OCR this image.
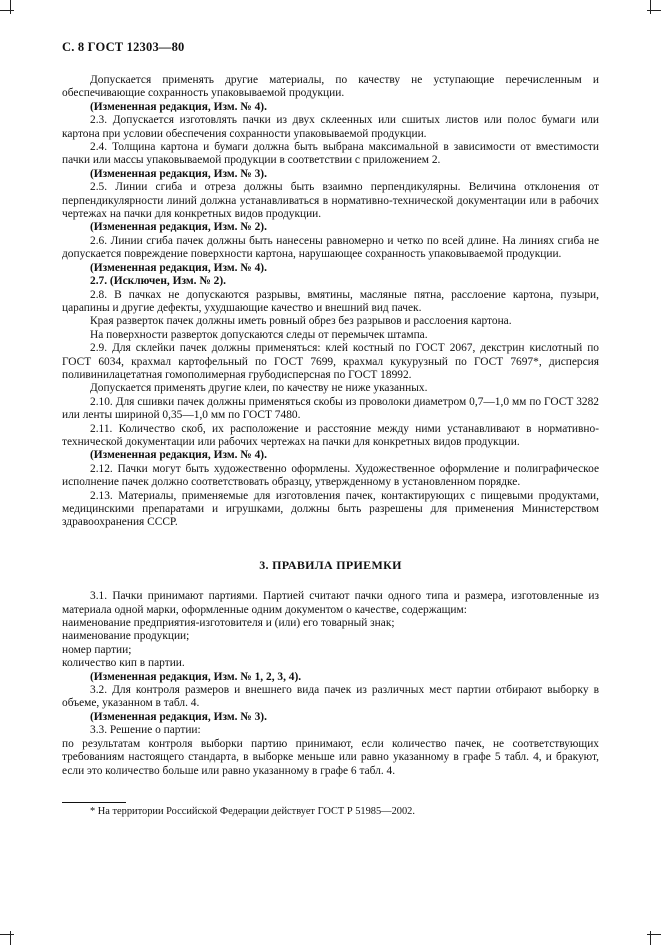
С. 8 ГОСТ 12303—80

Допускается применять другие материалы, по качеству не уступающие перечисленным и обеспечивающие сохранность упаковываемой продукции.

(Измененная редакция, Изм. № 4).

2.3. Допускается изготовлять пачки из двух склеенных или сшитых листов или полос бумаги или картона при условии обеспечения сохранности упаковываемой продукции.

2.4. Толщина картона и бумаги должна быть выбрана максимальной в зависимости от вместимости пачки или массы упаковываемой продукции в соответствии с приложением 2.

(Измененная редакция, Изм. № 3).

2.5. Линии сгиба и отреза должны быть взаимно перпендикулярны. Величина отклонения от перпендикулярности линий должна устанавливаться в нормативно-технической документации или в рабочих чертежах на пачки для конкретных видов продукции.

(Измененная редакция, Изм. № 2).

2.6. Линии сгиба пачек должны быть нанесены равномерно и четко по всей длине. На линиях сгиба не допускается повреждение поверхности картона, нарушающее сохранность упаковываемой продукции.

(Измененная редакция, Изм. № 4).

2.7. (Исключен, Изм. № 2).

2.8. В пачках не допускаются разрывы, вмятины, масляные пятна, расслоение картона, пузыри, царапины и другие дефекты, ухудшающие качество и внешний вид пачек.

Края разверток пачек должны иметь ровный обрез без разрывов и расслоения картона.

На поверхности разверток допускаются следы от перемычек штампа.

2.9. Для склейки пачек должны применяться: клей костный по ГОСТ 2067, декстрин кислотный по ГОСТ 6034, крахмал картофельный по ГОСТ 7699, крахмал кукурузный по ГОСТ 7697*, дисперсия поливинилацетатная гомополимерная грубодисперсная по ГОСТ 18992.

Допускается применять другие клеи, по качеству не ниже указанных.

2.10. Для сшивки пачек должны применяться скобы из проволоки диаметром 0,7—1,0 мм по ГОСТ 3282 или ленты шириной 0,35—1,0 мм по ГОСТ 7480.

2.11. Количество скоб, их расположение и расстояние между ними устанавливают в нормативно-технической документации или рабочих чертежах на пачки для конкретных видов продукции.

(Измененная редакция, Изм. № 4).

2.12. Пачки могут быть художественно оформлены. Художественное оформление и полиграфическое исполнение пачек должно соответствовать образцу, утвержденному в установленном порядке.

2.13. Материалы, применяемые для изготовления пачек, контактирующих с пищевыми продуктами, медицинскими препаратами и игрушками, должны быть разрешены для применения Министерством здравоохранения СССР.

3. ПРАВИЛА ПРИЕМКИ

3.1. Пачки принимают партиями. Партией считают пачки одного типа и размера, изготовленные из материала одной марки, оформленные одним документом о качестве, содержащим:

наименование предприятия-изготовителя и (или) его товарный знак;

наименование продукции;

номер партии;

количество кип в партии.

(Измененная редакция, Изм. № 1, 2, 3, 4).

3.2. Для контроля размеров и внешнего вида пачек из различных мест партии отбирают выборку в объеме, указанном в табл. 4.

(Измененная редакция, Изм. № 3).

3.3. Решение о партии:

по результатам контроля выборки партию принимают, если количество пачек, не соответствующих требованиям настоящего стандарта, в выборке меньше или равно указанному в графе 5 табл. 4, и бракуют, если это количество больше или равно указанному в графе 6 табл. 4.

* На территории Российской Федерации действует ГОСТ Р 51985—2002.
